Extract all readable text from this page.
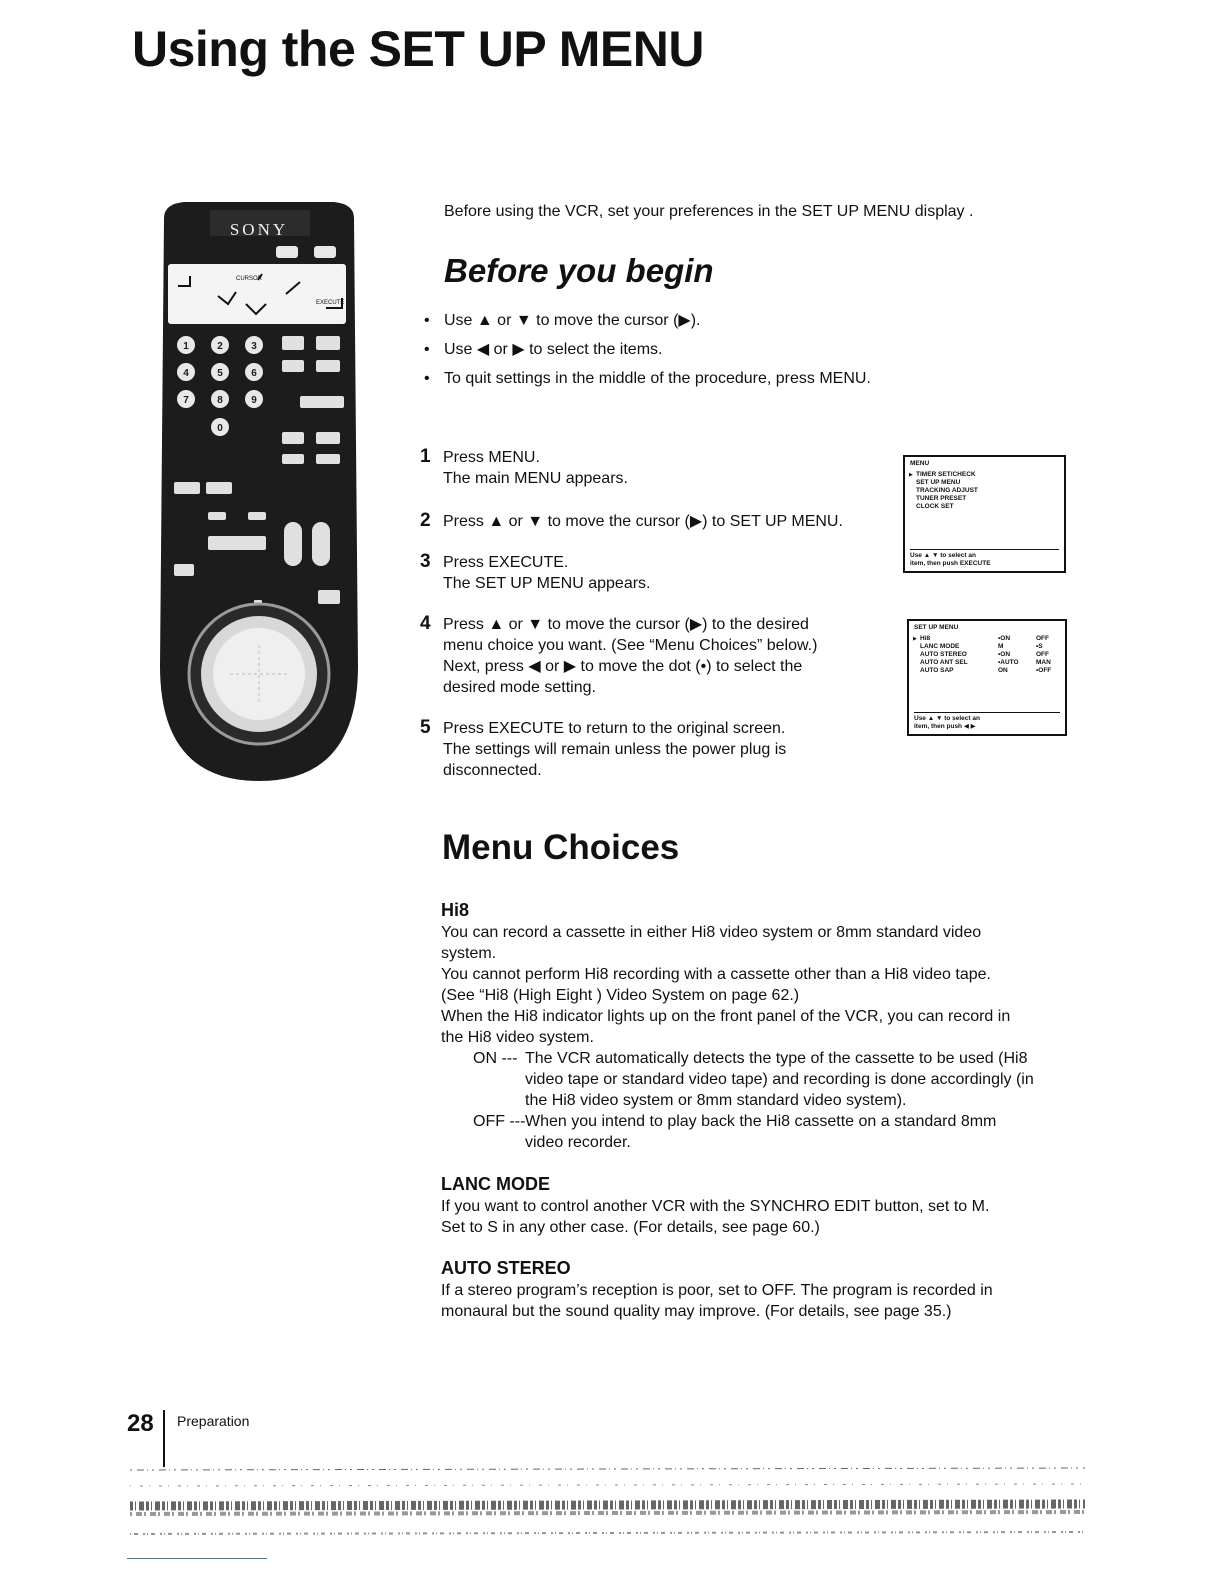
Using the SET UP MENU
1	2	3
4	5	6
7	8	9
0
SONY
CURSOR
EXECUTE

Before using the VCR, set your preferences in the SET UP MENU display .

Before you begin
• Use ▲ or ▼ to move the cursor (▶).
• Use ◀ or ▶ to select the items.
• To quit settings in the middle of the procedure, press MENU.
1 Press MENU.
The main MENU appears.
2 Press ▲ or ▼ to move the cursor (▶) to SET UP MENU.
3 Press EXECUTE.
The SET UP MENU appears.
4 Press ▲ or ▼ to move the cursor (▶) to the desired
menu choice you want. (See “Menu Choices” below.)
Next, press ◀ or ▶ to move the dot (•) to select the
desired mode setting.
5 Press EXECUTE to return to the original screen.
The settings will remain unless the power plug is
disconnected.
MENU
▶ TIMER SET/CHECK
SET UP MENU
TRACKING ADJUST
TUNER PRESET
CLOCK SET
Use ▲ ▼ to select an
item, then push EXECUTE
SET UP MENU
▶ Hi8	•ON	OFF
LANC MODE	M	•S
AUTO STEREO	•ON	OFF
AUTO ANT SEL	•AUTO	MAN
AUTO SAP	ON	•OFF
Use ▲ ▼ to select an
item, then push ◀ ▶
Menu Choices
Hi8

You can record a cassette in either Hi8 video system or 8mm standard video

system.

You cannot perform Hi8 recording with a cassette other than a Hi8 video tape.

(See “Hi8 (High Eight ) Video System on page 62.)

When the Hi8 indicator lights up on the front panel of the VCR, you can record in

the Hi8 video system.

ON --- The VCR automatically detects the type of the cassette to be used (Hi8

video tape or standard video tape) and recording is done accordingly (in

the Hi8 video system or 8mm standard video system).

OFF --- When you intend to play back the Hi8 cassette on a standard 8mm

video recorder.

LANC MODE

If you want to control another VCR with the SYNCHRO EDIT button, set to M.

Set to S in any other case. (For details, see page 60.)

AUTO STEREO

If a stereo program’s reception is poor, set to OFF. The program is recorded in

monaural but the sound quality may improve. (For details, see page 35.)

28 Preparation
